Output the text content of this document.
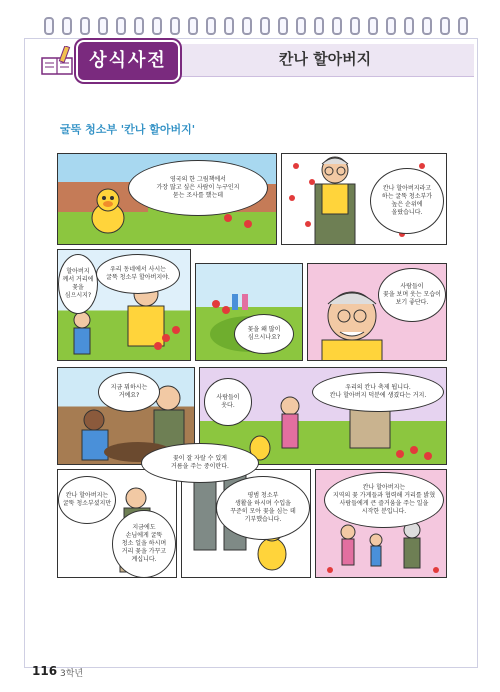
상식사전	칸나 할아버지
굴뚝 청소부 '칸나 할아버지'
영국의 한 그림책에서
가장 많고 싶은 사람이 누구인지
묻는 조사를 했는데
칸나 할아버지라고
하는 굴뚝 청소부가
높은 순위에
올랐습니다.
할아버지
께서 거리에
꽃을
심으시지?
우리 동네에서 사시는
굴뚝 청소부 할아버지야.
꽃을 왜 많이
심으시나요?
사람들이
꽃을 보며 웃는 모습이
보기 좋단다.
지금 뭐하시는
거예요?	사람들이
웃다.
우리의 칸나 축제 됩니다.
칸나 할아버지 덕분에 생겼다는 거지.
꽃이 잘 자랄 수 있게
거름을 주는 중이란다.
칸나 할아버지는
굴뚝 청소부셨지만
지금에도
손님에게 굴뚝
청소 일을 하시며
거리 꽃을 가꾸고
계십니다.
평범 청소부
생활을 하시며 수입을
꾸준히 모아 꽃을 심는 데
기부했습니다.
칸나 할아버지는
지역의 꽃 가게들과 협력해 거리를 밝혔
사람들에게 큰 즐거움을 주는 일을
시작한 분입니다.
116 3학년
